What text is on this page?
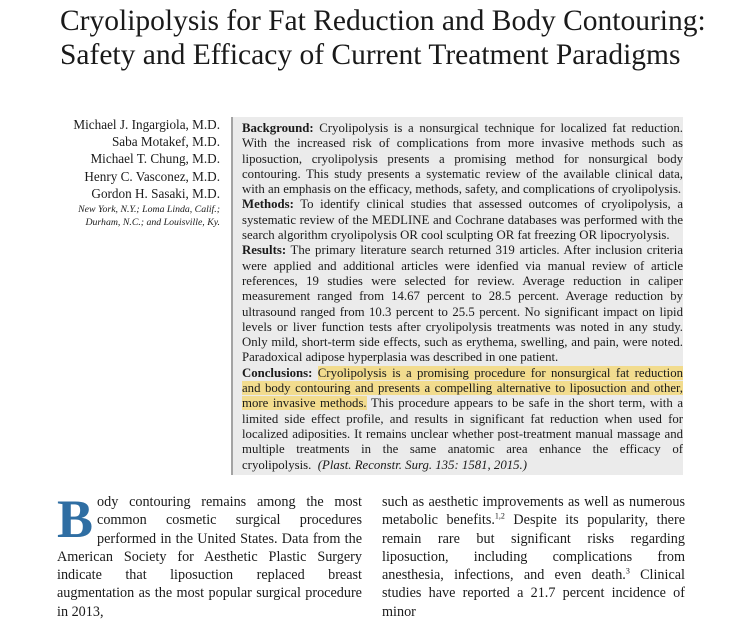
Cryolipolysis for Fat Reduction and Body Contouring: Safety and Efficacy of Current Treatment Paradigms
Michael J. Ingargiola, M.D.
Saba Motakef, M.D.
Michael T. Chung, M.D.
Henry C. Vasconez, M.D.
Gordon H. Sasaki, M.D.
New York, N.Y.; Loma Linda, Calif.;
Durham, N.C.; and Louisville, Ky.

Background: Cryolipolysis is a nonsurgical technique for localized fat reduction. With the increased risk of complications from more invasive methods such as liposuction, cryolipolysis presents a promising method for nonsurgical body contouring. This study presents a systematic review of the available clinical data, with an emphasis on the efficacy, methods, safety, and complications of cryolipolysis.

Methods: To identify clinical studies that assessed outcomes of cryolipolysis, a systematic review of the MEDLINE and Cochrane databases was performed with the search algorithm cryolipolysis OR cool sculpting OR fat freezing OR lipocryolysis.

Results: The primary literature search returned 319 articles. After inclusion criteria were applied and additional articles were idenfied via manual review of article references, 19 studies were selected for review. Average reduction in caliper measurement ranged from 14.67 percent to 28.5 percent. Average reduction by ultrasound ranged from 10.3 percent to 25.5 percent. No significant impact on lipid levels or liver function tests after cryolipolysis treatments was noted in any study. Only mild, short-term side effects, such as erythema, swelling, and pain, were noted. Paradoxical adipose hyperplasia was described in one patient.

Conclusions: Cryolipolysis is a promising procedure for nonsurgical fat reduction and body contouring and presents a compelling alternative to liposuction and other, more invasive methods. This procedure appears to be safe in the short term, with a limited side effect profile, and results in significant fat reduction when used for localized adiposities. It remains unclear whether post-treatment manual massage and multiple treatments in the same anatomic area enhance the efficacy of cryolipolysis. (Plast. Reconstr. Surg. 135: 1581, 2015.)

Body contouring remains among the most common cosmetic surgical procedures performed in the United States. Data from the American Society for Aesthetic Plastic Surgery indicate that liposuction replaced breast augmentation as the most popular surgical procedure in 2013,

such as aesthetic improvements as well as numerous metabolic benefits.$^{1,2}$ Despite its popularity, there remain rare but significant risks regarding liposuction, including complications from anesthesia, infections, and even death.$^3$ Clinical studies have reported a 21.7 percent incidence of minor
